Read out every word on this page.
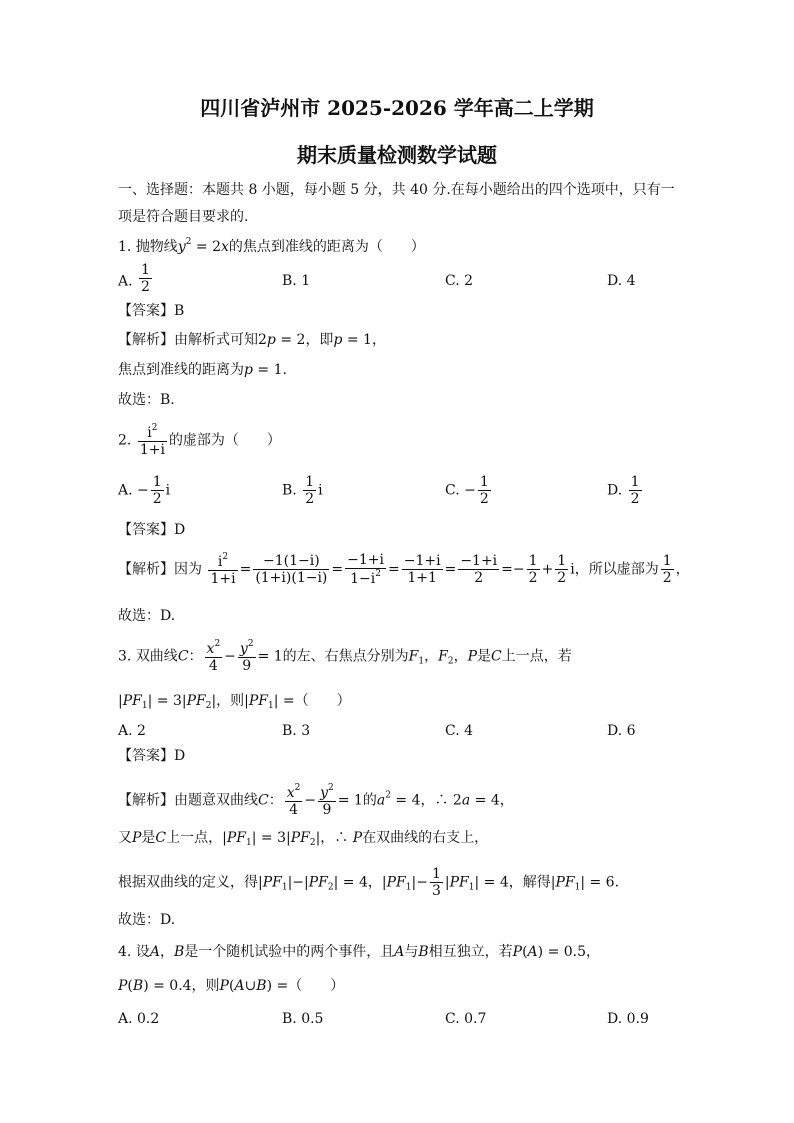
四川省泸州市 2025-2026 学年高二上学期
期末质量检测数学试题
一、选择题：本题共 8 小题，每小题 5 分，共 40 分.在每小题给出的四个选项中，只有一
项是符合题目要求的.
1. 抛物线$y^2 = 2x$的焦点到准线的距离为（　　）
A. $\frac{1}{2}$	B. 1	C. 2	D. 4
【答案】B
【解析】由解析式可知2p = 2，即p = 1，
焦点到准线的距离为p = 1.
故选：B.
2. $\frac{i^2}{1+i}$ 的虚部为（　　）
A. − $\frac{1}{2}$ i	B. $\frac{1}{2}$ i	C. − $\frac{1}{2}$	D. $\frac{1}{2}$
【答案】D
【解析】因为 $\frac{i^2}{1+i} = \frac{-1(1-i)}{(1+i)(1-i)} = \frac{-1+i}{1-i^2} = \frac{-1+i}{1+1} = \frac{-1+i}{2} =- \frac{1}{2} + \frac{1}{2}$ i，所以虚部为 $\frac{1}{2}$ ，
故选：D.
3. 双曲线C： $\frac{x^2}{4} - \frac{y^2}{9} = 1$的左、右焦点分别为$F_1$，$F_2$，P是C上一点，若
$|PF_1| = 3|PF_2|$，则$|PF_1|$ =（　　）
A. 2	B. 3	C. 4	D. 6
【答案】D
【解析】由题意双曲线C： $\frac{x^2}{4} - \frac{y^2}{9} = 1$的$a^2 = 4$，∴ 2a = 4，
又P是C上一点，$|PF_1| = 3|PF_2|$，∴ P在双曲线的右支上，
根据双曲线的定义，得$|PF_1|-|PF_2| = 4$，$|PF_1|- \frac{1}{3} |PF_1| = 4$，解得$|PF_1| = 6$.
故选：D.
4. 设A，B是一个随机试验中的两个事件，且A与B相互独立，若P(A) = 0.5，
P(B) = 0.4，则P(A∪B) =（　　）
A. 0.2	B. 0.5	C. 0.7	D. 0.9
